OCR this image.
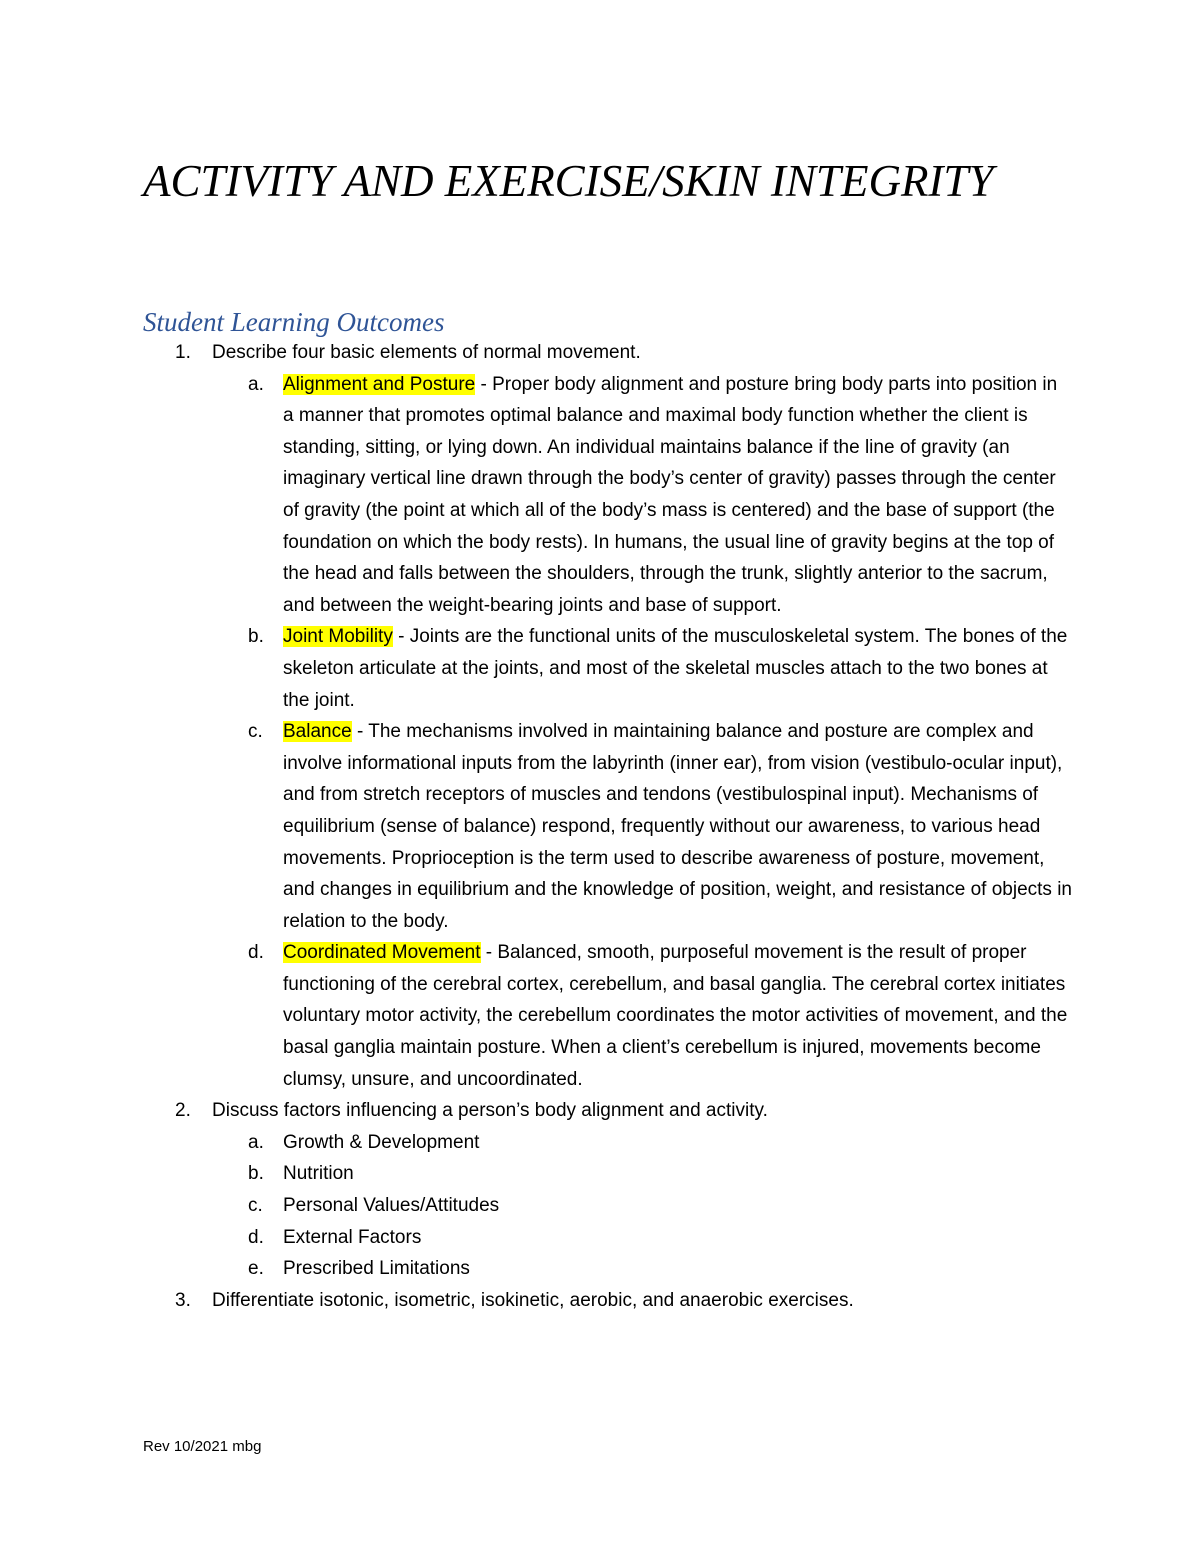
ACTIVITY AND EXERCISE/SKIN INTEGRITY
Student Learning Outcomes
1. Describe four basic elements of normal movement.
a. Alignment and Posture - Proper body alignment and posture bring body parts into position in a manner that promotes optimal balance and maximal body function whether the client is standing, sitting, or lying down. An individual maintains balance if the line of gravity (an imaginary vertical line drawn through the body’s center of gravity) passes through the center of gravity (the point at which all of the body’s mass is centered) and the base of support (the foundation on which the body rests). In humans, the usual line of gravity begins at the top of the head and falls between the shoulders, through the trunk, slightly anterior to the sacrum, and between the weight-bearing joints and base of support.
b. Joint Mobility - Joints are the functional units of the musculoskeletal system. The bones of the skeleton articulate at the joints, and most of the skeletal muscles attach to the two bones at the joint.
c. Balance - The mechanisms involved in maintaining balance and posture are complex and involve informational inputs from the labyrinth (inner ear), from vision (vestibulo-ocular input), and from stretch receptors of muscles and tendons (vestibulospinal input). Mechanisms of equilibrium (sense of balance) respond, frequently without our awareness, to various head movements. Proprioception is the term used to describe awareness of posture, movement, and changes in equilibrium and the knowledge of position, weight, and resistance of objects in relation to the body.
d. Coordinated Movement - Balanced, smooth, purposeful movement is the result of proper functioning of the cerebral cortex, cerebellum, and basal ganglia. The cerebral cortex initiates voluntary motor activity, the cerebellum coordinates the motor activities of movement, and the basal ganglia maintain posture. When a client’s cerebellum is injured, movements become clumsy, unsure, and uncoordinated.
2. Discuss factors influencing a person’s body alignment and activity.
a. Growth & Development
b. Nutrition
c. Personal Values/Attitudes
d. External Factors
e. Prescribed Limitations
3. Differentiate isotonic, isometric, isokinetic, aerobic, and anaerobic exercises.
Rev 10/2021 mbg
